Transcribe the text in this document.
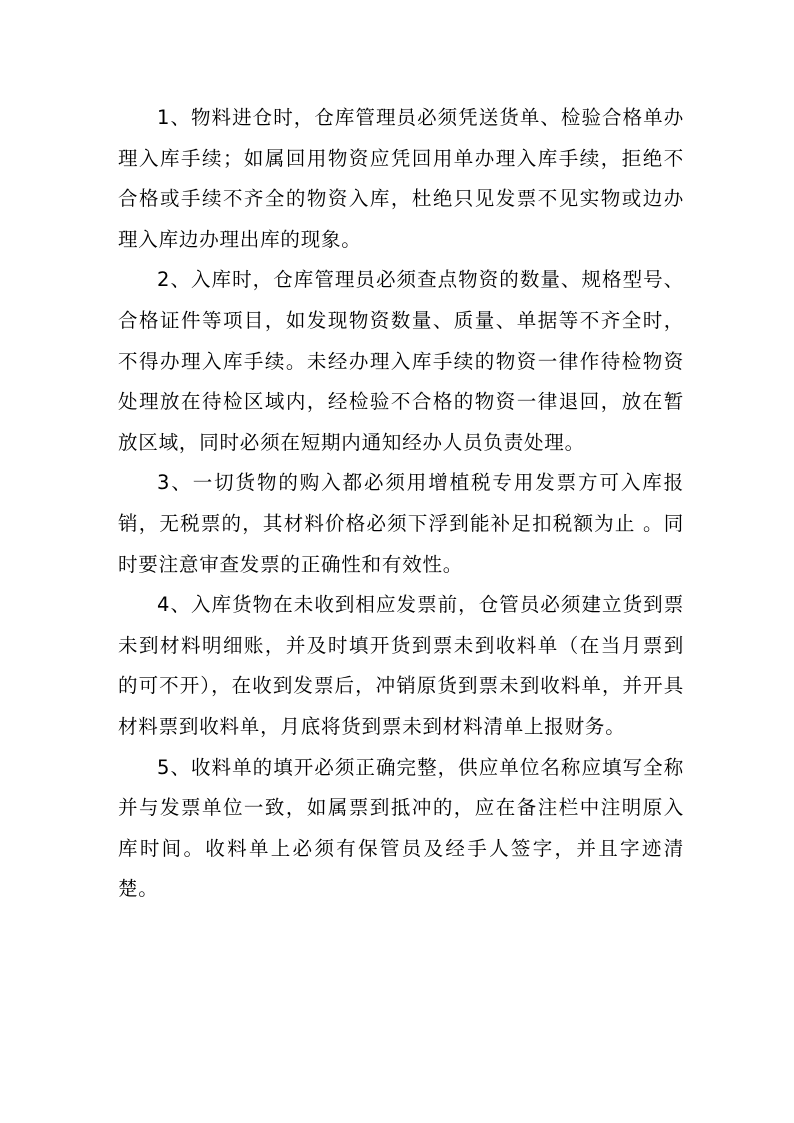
1、物料进仓时，仓库管理员必须凭送货单、检验合格单办理入库手续；如属回用物资应凭回用单办理入库手续，拒绝不合格或手续不齐全的物资入库，杜绝只见发票不见实物或边办理入库边办理出库的现象。

2、入库时，仓库管理员必须查点物资的数量、规格型号、合格证件等项目，如发现物资数量、质量、单据等不齐全时，不得办理入库手续。未经办理入库手续的物资一律作待检物资处理放在待检区域内，经检验不合格的物资一律退回，放在暂放区域，同时必须在短期内通知经办人员负责处理。

3、一切货物的购入都必须用增植税专用发票方可入库报销，无税票的，其材料价格必须下浮到能补足扣税额为止 。同时要注意审查发票的正确性和有效性。

4、入库货物在未收到相应发票前，仓管员必须建立货到票未到材料明细账，并及时填开货到票未到收料单（在当月票到的可不开），在收到发票后，冲销原货到票未到收料单，并开具材料票到收料单，月底将货到票未到材料清单上报财务。

5、收料单的填开必须正确完整，供应单位名称应填写全称并与发票单位一致，如属票到抵冲的，应在备注栏中注明原入库时间。收料单上必须有保管员及经手人签字，并且字迹清楚。
